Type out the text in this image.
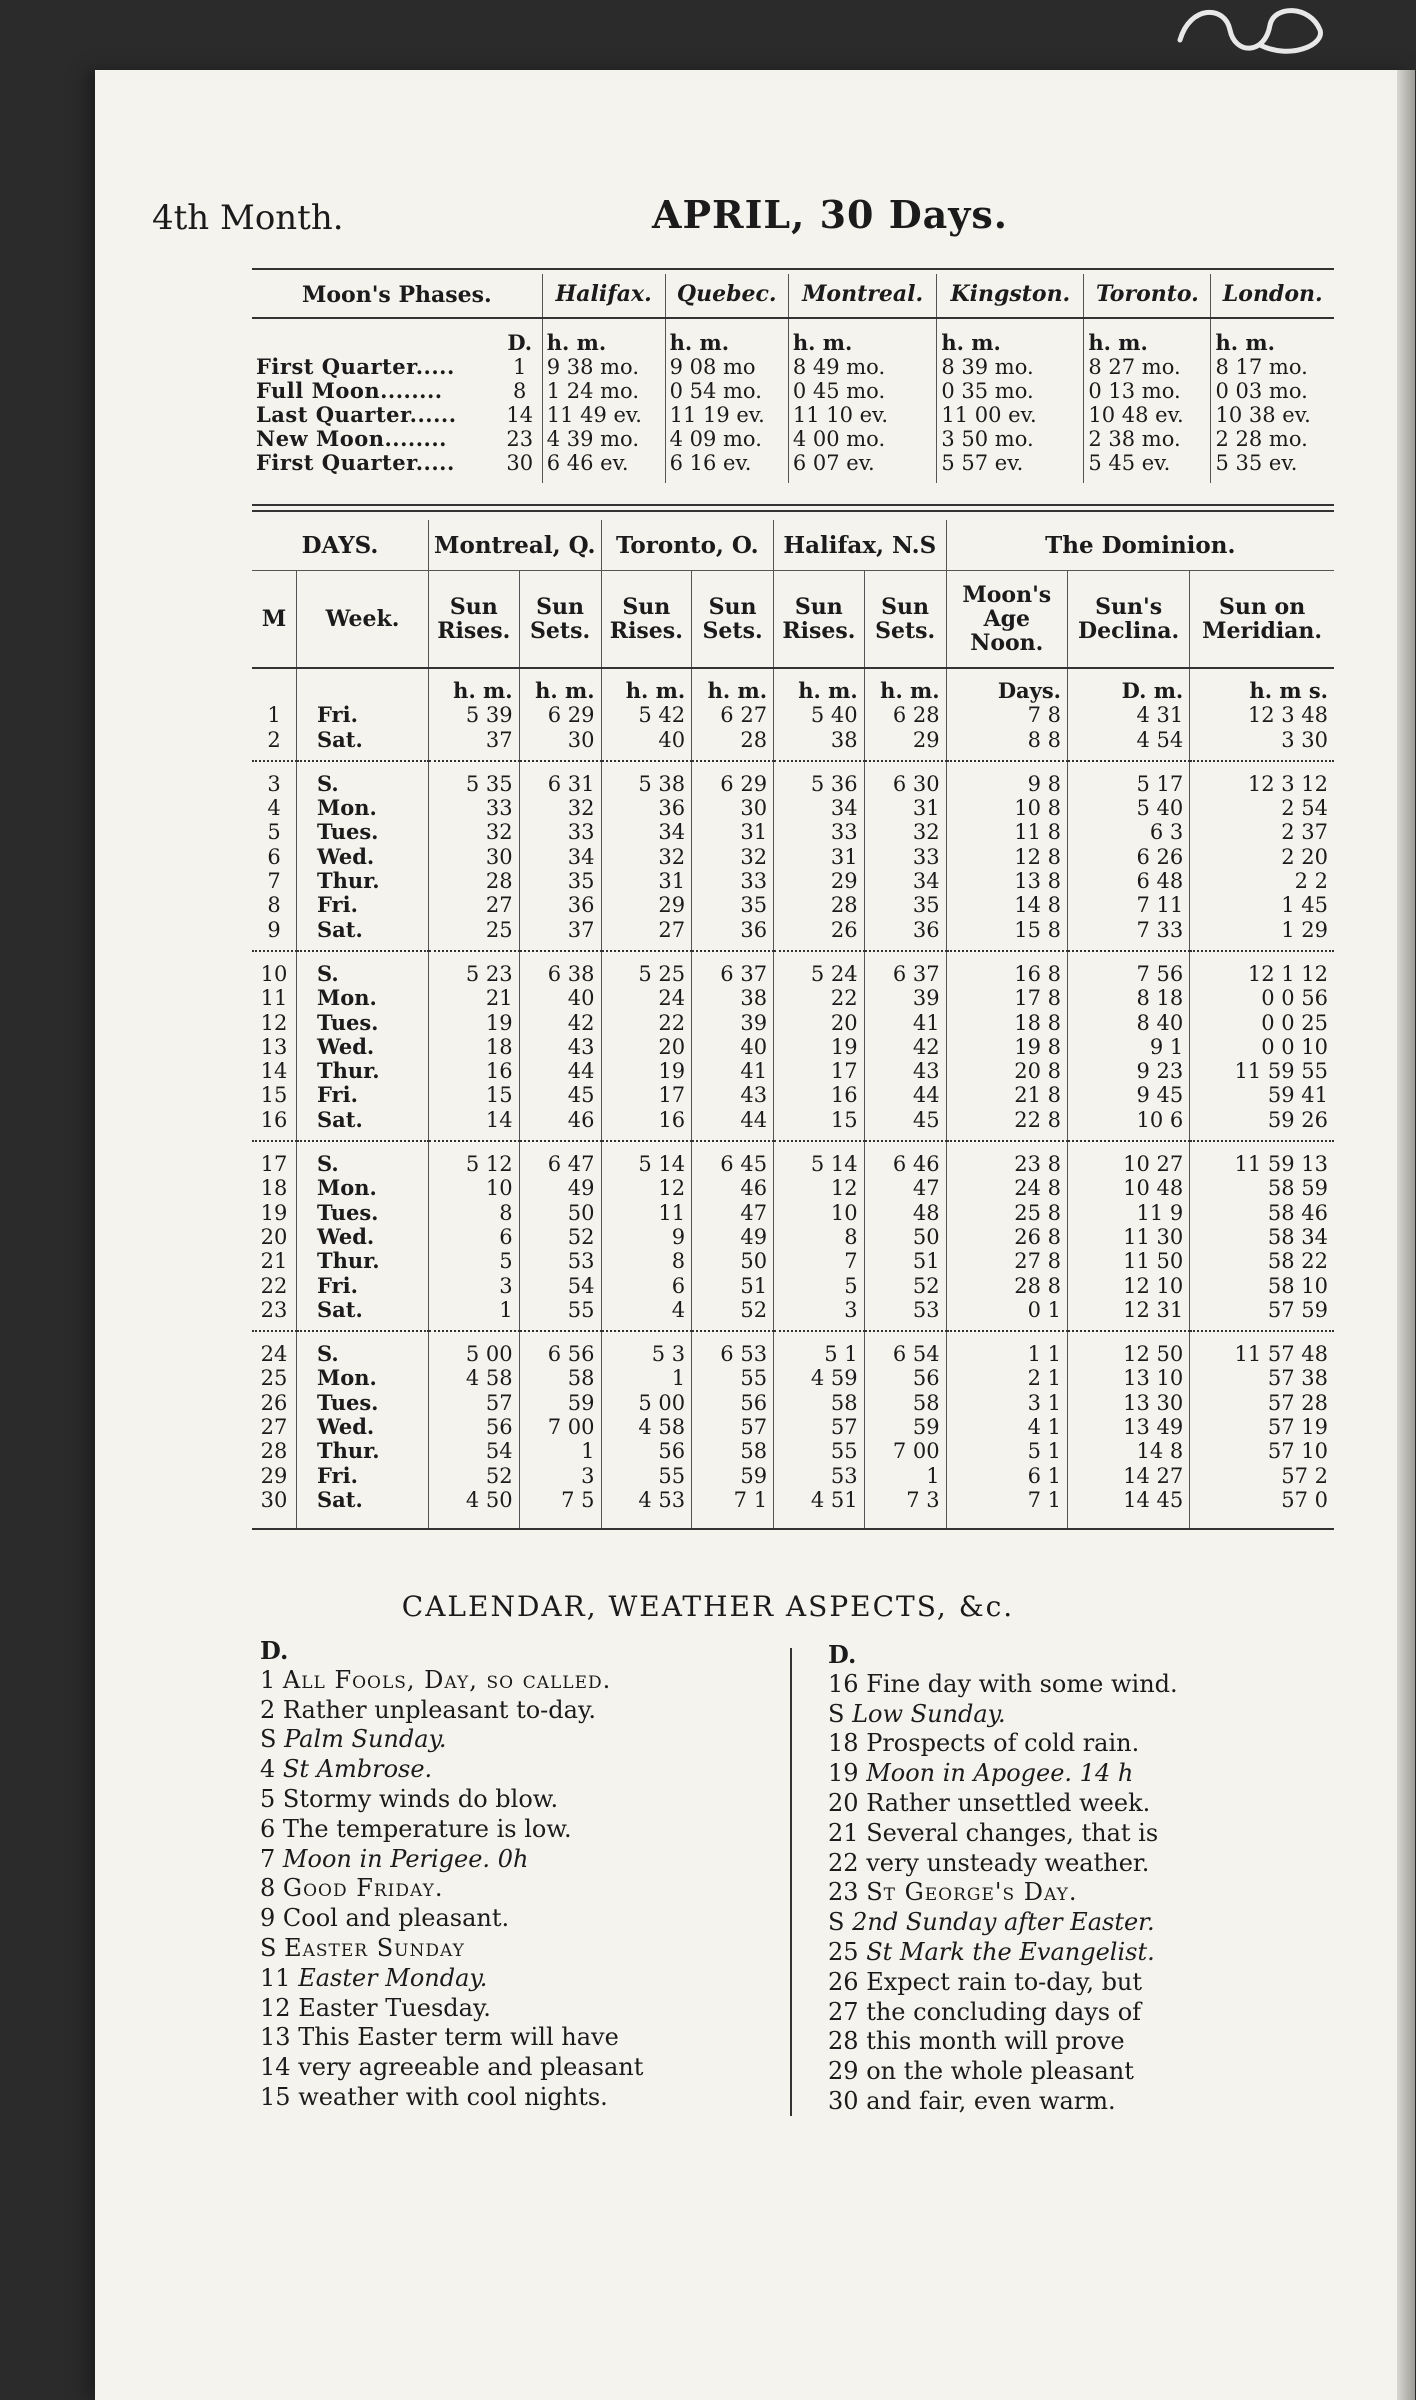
4th Month.	APRIL, 30 Days.
Moon's Phases.		Halifax.	Quebec.	Montreal.	Kingston.	Toronto.	London.
	D.	h. m.	h. m.	h. m.	h. m.	h. m.	h. m.
First Quarter.....	1	9 38 mo.	9 08 mo	8 49 mo.	8 39 mo.	8 27 mo.	8 17 mo.
Full Moon........	8	1 24 mo.	0 54 mo.	0 45 mo.	0 35 mo.	0 13 mo.	0 03 mo.
Last Quarter......	14	11 49 ev.	11 19 ev.	11 10 ev.	11 00 ev.	10 48 ev.	10 38 ev.
New Moon........	23	4 39 mo.	4 09 mo.	4 00 mo.	3 50 mo.	2 38 mo.	2 28 mo.
First Quarter.....	30	6 46 ev.	6 16 ev.	6 07 ev.	5 57 ev.	5 45 ev.	5 35 ev.
DAYS.		Montreal, Q.		Toronto, O.		Halifax, N.S		The Dominion.		
M	Week.	Sun Rises.	Sun Sets.	Sun Rises.	Sun Sets.	Sun Rises.	Sun Sets.	Moon's Age Noon.	Sun's Declina.	Sun on Meridian.
		h. m.	h. m.	h. m.	h. m.	h. m.	h. m.	Days.	D. m.	h. m s.
1	Fri.	5 39	6 29	5 42	6 27	5 40	6 28	7 8	4 31	12 3 48
2	Sat.	37	30	40	28	38	29	8 8	4 54	3 30
3	S.	5 35	6 31	5 38	6 29	5 36	6 30	9 8	5 17	12 3 12
4	Mon.	33	32	36	30	34	31	10 8	5 40	2 54
5	Tues.	32	33	34	31	33	32	11 8	6 3	2 37
6	Wed.	30	34	32	32	31	33	12 8	6 26	2 20
7	Thur.	28	35	31	33	29	34	13 8	6 48	2 2
8	Fri.	27	36	29	35	28	35	14 8	7 11	1 45
9	Sat.	25	37	27	36	26	36	15 8	7 33	1 29
10	S.	5 23	6 38	5 25	6 37	5 24	6 37	16 8	7 56	12 1 12
11	Mon.	21	40	24	38	22	39	17 8	8 18	0 0 56
12	Tues.	19	42	22	39	20	41	18 8	8 40	0 0 25
13	Wed.	18	43	20	40	19	42	19 8	9 1	0 0 10
14	Thur.	16	44	19	41	17	43	20 8	9 23	11 59 55
15	Fri.	15	45	17	43	16	44	21 8	9 45	59 41
16	Sat.	14	46	16	44	15	45	22 8	10 6	59 26
17	S.	5 12	6 47	5 14	6 45	5 14	6 46	23 8	10 27	11 59 13
18	Mon.	10	49	12	46	12	47	24 8	10 48	58 59
19	Tues.	8	50	11	47	10	48	25 8	11 9	58 46
20	Wed.	6	52	9	49	8	50	26 8	11 30	58 34
21	Thur.	5	53	8	50	7	51	27 8	11 50	58 22
22	Fri.	3	54	6	51	5	52	28 8	12 10	58 10
23	Sat.	1	55	4	52	3	53	0 1	12 31	57 59
24	S.	5 00	6 56	5 3	6 53	5 1	6 54	1 1	12 50	11 57 48
25	Mon.	4 58	58	1	55	4 59	56	2 1	13 10	57 38
26	Tues.	57	59	5 00	56	58	58	3 1	13 30	57 28
27	Wed.	56	7 00	4 58	57	57	59	4 1	13 49	57 19
28	Thur.	54	1	56	58	55	7 00	5 1	14 8	57 10
29	Fri.	52	3	55	59	53	1	6 1	14 27	57 2
30	Sat.	4 50	7 5	4 53	7 1	4 51	7 3	7 1	14 45	57 0
CALENDAR, WEATHER ASPECTS, &c.
D.
1 All Fools, Day, so called.
2 Rather unpleasant to-day.
S Palm Sunday.
4 St Ambrose.
5 Stormy winds do blow.
6 The temperature is low.
7 Moon in Perigee. 0h
8 Good Friday.
9 Cool and pleasant.
S Easter Sunday
11 Easter Monday.
12 Easter Tuesday.
13 This Easter term will have
14 very agreeable and pleasant
15 weather with cool nights.
D.
16 Fine day with some wind.
S Low Sunday.
18 Prospects of cold rain.
19 Moon in Apogee. 14 h
20 Rather unsettled week.
21 Several changes, that is
22 very unsteady weather.
23 St George's Day.
S 2nd Sunday after Easter.
25 St Mark the Evangelist.
26 Expect rain to-day, but
27 the concluding days of
28 this month will prove
29 on the whole pleasant
30 and fair, even warm.
